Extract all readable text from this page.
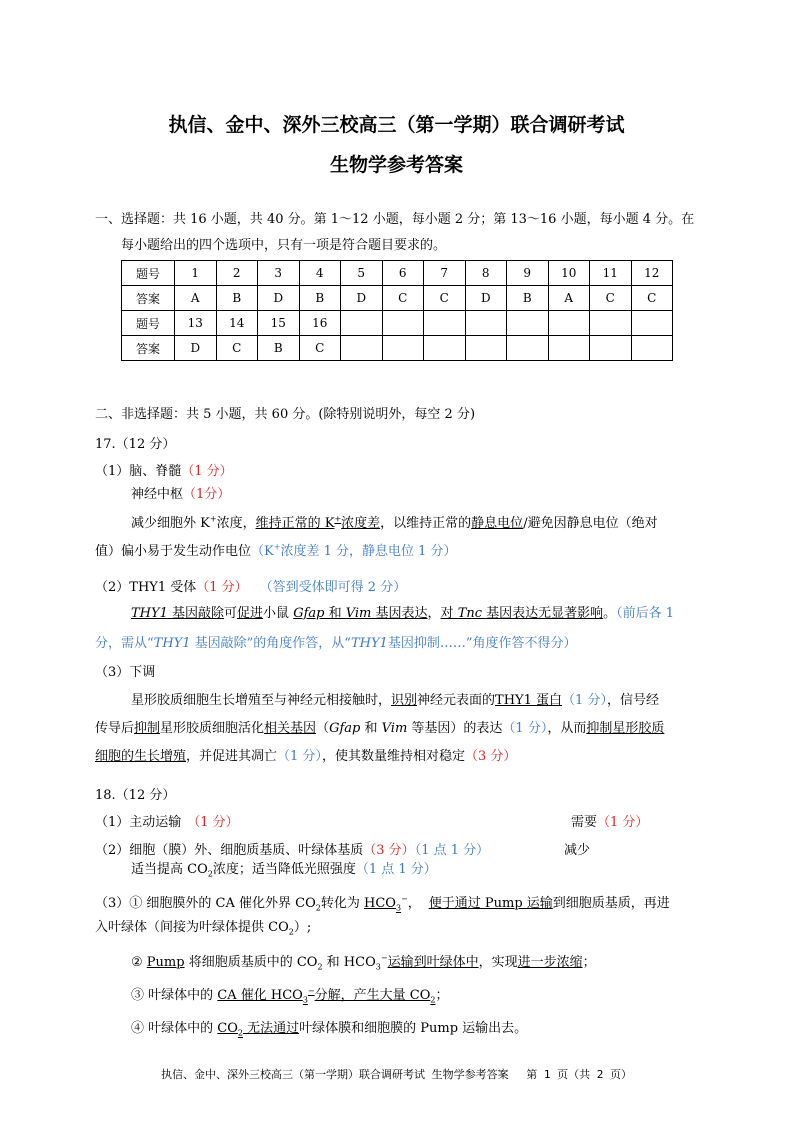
执信、金中、深外三校高三（第一学期）联合调研考试
生物学参考答案
一、选择题：共 16 小题，共 40 分。第 1～12 小题，每小题 2 分；第 13～16 小题，每小题 4 分。在
每小题给出的四个选项中，只有一项是符合题目要求的。
题号	1	2	3	4	5	6	7	8	9	10	11	12
答案	A	B	D	B	D	C	C	D	B	A	C	C
题号	13	14	15	16								
答案	D	C	B	C								
二、非选择题：共 5 小题，共 60 分。(除特别说明外，每空 2 分)
17.（12 分）
（1）脑、脊髓（1 分）
神经中枢（1分）
减少细胞外 K+浓度，维持正常的 K+浓度差，以维持正常的静息电位/避免因静息电位（绝对
值）偏小易于发生动作电位（K+浓度差 1 分，静息电位 1 分）
（2）THY1 受体（1 分） （答到受体即可得 2 分）
THY1 基因敲除可促进小鼠 Gfap 和 Vim 基因表达，对 Tnc 基因表达无显著影响。（前后各 1
分，需从“THY1 基因敲除”的角度作答，从“THY1基因抑制……”角度作答不得分）
（3）下调
星形胶质细胞生长增殖至与神经元相接触时，识别神经元表面的THY1 蛋白（1 分），信号经
传导后抑制星形胶质细胞活化相关基因（Gfap 和 Vim 等基因）的表达（1 分），从而抑制星形胶质
细胞的生长增殖，并促进其凋亡（1 分），使其数量维持相对稳定（3 分）
18.（12 分）
（1）主动运输 （1 分）	需要（1 分）
（2）细胞（膜）外、细胞质基质、叶绿体基质（3 分）（1 点 1 分）	减少
适当提高 $CO_2$浓度；适当降低光照强度（1 点 1 分）
（3）① 细胞膜外的 CA 催化外界 $CO_2$转化为 $HCO_3^-$， 便于通过 Pump 运输到细胞质基质，再进
入叶绿体（间接为叶绿体提供 $CO_2$）;
② Pump 将细胞质基质中的 $CO_2$ 和 $HCO_3^-$运输到叶绿体中，实现进一步浓缩；
③ 叶绿体中的 CA 催化 $HCO_3^-$分解，产生大量 $CO_2$；
④ 叶绿体中的 $CO_2$ 无法通过叶绿体膜和细胞膜的 Pump 运输出去。
执信、金中、深外三校高三（第一学期）联合调研考试 生物学参考答案　 第 1 页（共 2 页）
